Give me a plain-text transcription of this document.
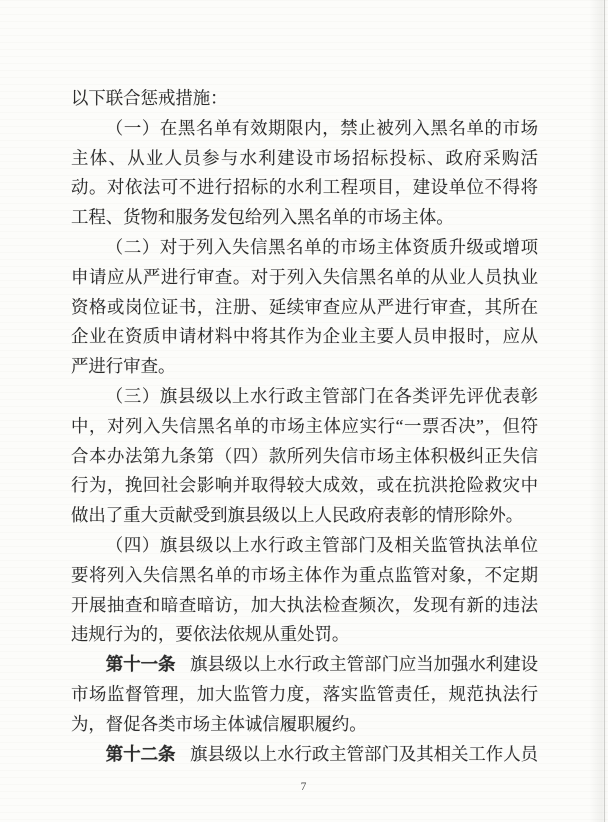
以下联合惩戒措施：

（一）在黑名单有效期限内，禁止被列入黑名单的市场主体、从业人员参与水利建设市场招标投标、政府采购活动。对依法可不进行招标的水利工程项目，建设单位不得将工程、货物和服务发包给列入黑名单的市场主体。

（二）对于列入失信黑名单的市场主体资质升级或增项申请应从严进行审查。对于列入失信黑名单的从业人员执业资格或岗位证书，注册、延续审查应从严进行审查，其所在企业在资质申请材料中将其作为企业主要人员申报时，应从严进行审查。

（三）旗县级以上水行政主管部门在各类评先评优表彰中，对列入失信黑名单的市场主体应实行“一票否决”，但符合本办法第九条第（四）款所列失信市场主体积极纠正失信行为，挽回社会影响并取得较大成效，或在抗洪抢险救灾中做出了重大贡献受到旗县级以上人民政府表彰的情形除外。

（四）旗县级以上水行政主管部门及相关监管执法单位要将列入失信黑名单的市场主体作为重点监管对象，不定期开展抽查和暗查暗访，加大执法检查频次，发现有新的违法违规行为的，要依法依规从重处罚。

第十一条 旗县级以上水行政主管部门应当加强水利建设市场监督管理，加大监管力度，落实监管责任，规范执法行为，督促各类市场主体诚信履职履约。

第十二条 旗县级以上水行政主管部门及其相关工作人员

7
